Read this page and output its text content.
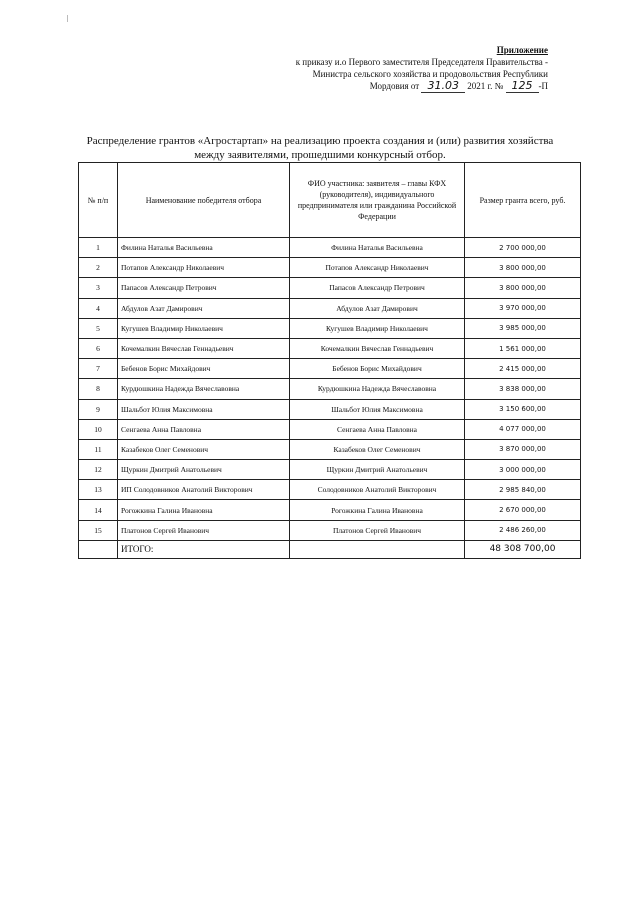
Приложение
к приказу и.о Первого заместителя Председателя Правительства -
Министра сельского хозяйства и продовольствия Республики
Мордовия от 31.03 2021 г. № 125 -П
Распределение грантов «Агростартап» на реализацию проекта создания и (или) развития хозяйства
между заявителями, прошедшими конкурсный отбор.
№ п/п	Наименование победителя отбора	ФИО участника: заявителя – главы КФХ (руководителя), индивидуального предпринимателя или гражданина Российской Федерации	Размер гранта всего, руб.
1	Филина Наталья Васильевна	Филина Наталья Васильевна	2 700 000,00
2	Потапов Александр Николаевич	Потапов Александр Николаевич	3 800 000,00
3	Папасов Александр Петрович	Папасов Александр Петрович	3 800 000,00
4	Абдулов Азат Дамирович	Абдулов Азат Дамирович	3 970 000,00
5	Кугушев Владимир Николаевич	Кугушев Владимир Николаевич	3 985 000,00
6	Кочемалкин Вячеслав Геннадьевич	Кочемалкин Вячеслав Геннадьевич	1 561 000,00
7	Бебенов Борис Михайдович	Бебенов Борис Михайдович	2 415 000,00
8	Курдюшкина Надежда Вячеславовна	Курдюшкина Надежда Вячеславовна	3 838 000,00
9	Шальбот Юлия Максимовна	Шальбот Юлия Максимовна	3 150 600,00
10	Сенгаева Анна Павловна	Сенгаева Анна Павловна	4 077 000,00
11	Казабеков Олег Семенович	Казабеков Олег Семенович	3 870 000,00
12	Щуркин Дмитрий Анатольевич	Щуркин Дмитрий Анатольевич	3 000 000,00
13	ИП Солодовников Анатолий Викторович	Солодовников Анатолий Викторович	2 985 840,00
14	Рогожкина Галина Ивановна	Рогожкина Галина Ивановна	2 670 000,00
15	Платонов Сергей Иванович	Платонов Сергей Иванович	2 486 260,00
	ИТОГО:		48 308 700,00
